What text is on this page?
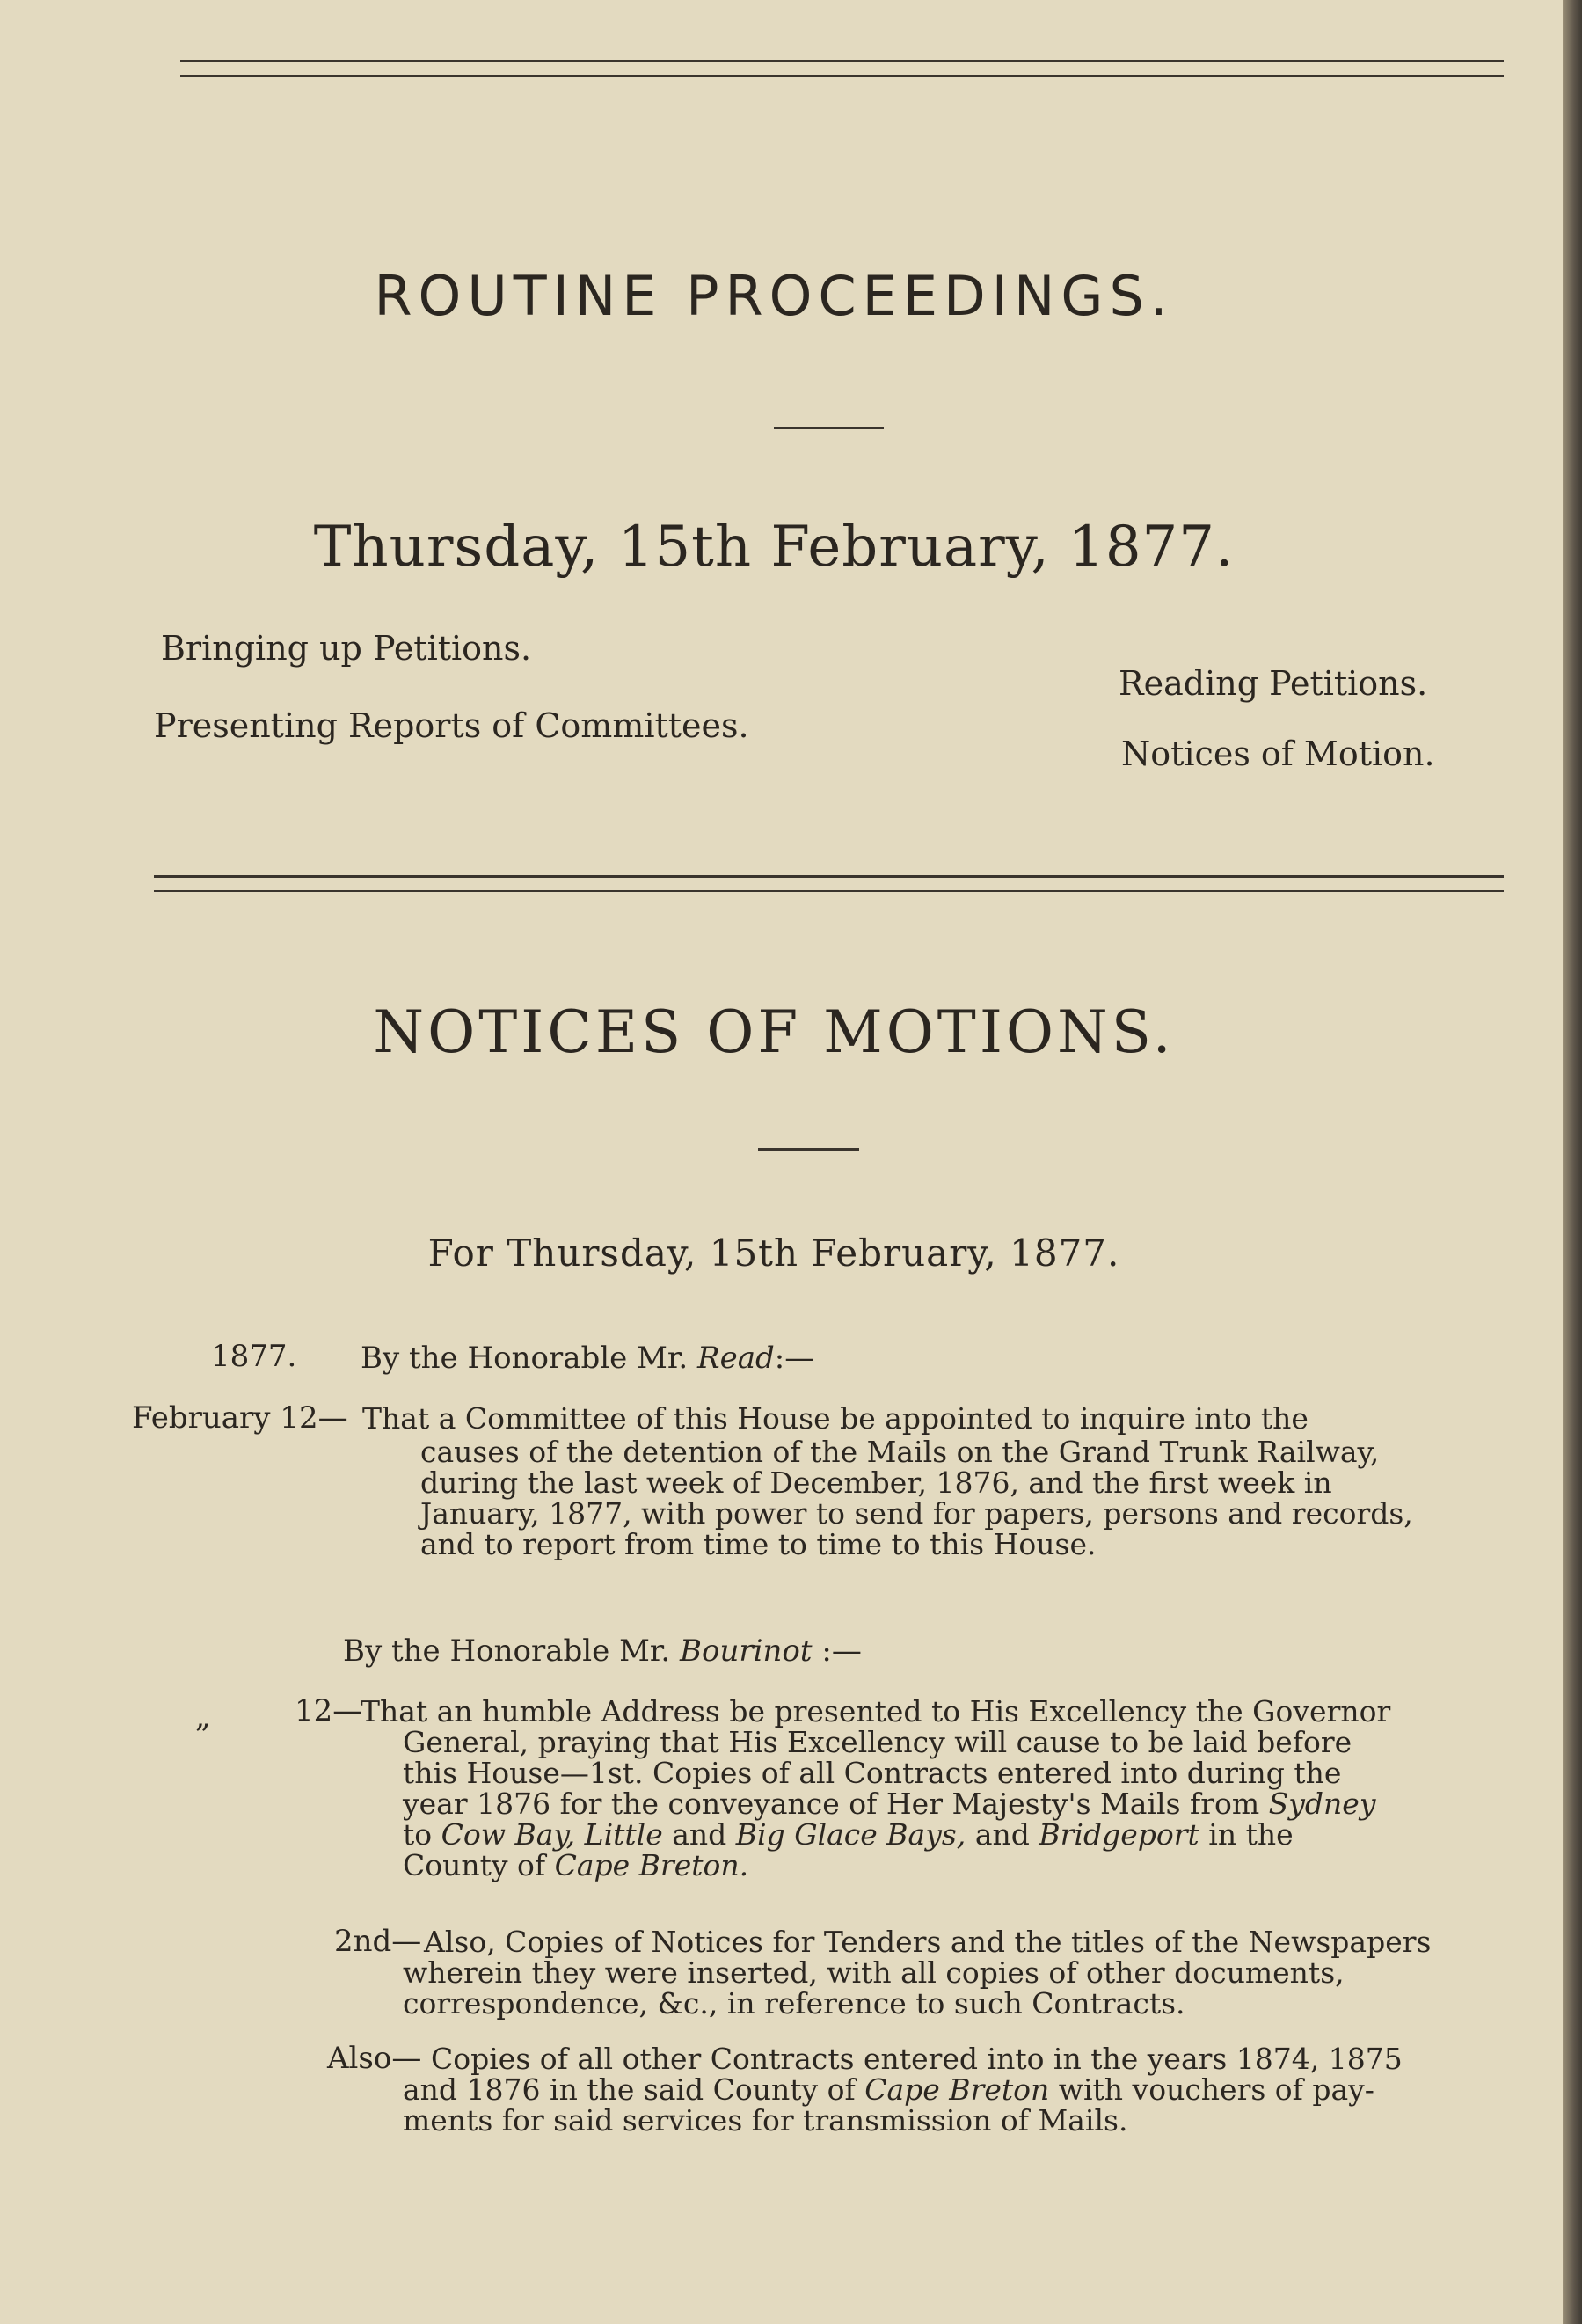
ROUTINE PROCEEDINGS.
Thursday, 15th February, 1877.
Bringing up Petitions.
Presenting Reports of Committees.
Reading Petitions.
Notices of Motion.
NOTICES OF MOTIONS.
For Thursday, 15th February, 1877.
1877. By the Honorable Mr. Read:—
February 12— That a Committee of this House be appointed to inquire into the
causes of the detention of the Mails on the Grand Trunk Railway,
during the last week of December, 1876, and the first week in
January, 1877, with power to send for papers, persons and records,
and to report from time to time to this House.
By the Honorable Mr. Bourinot :—
„	12—
That an humble Address be presented to His Excellency the Governor
General, praying that His Excellency will cause to be laid before
this House—1st. Copies of all Contracts entered into during the
year 1876 for the conveyance of Her Majesty's Mails from Sydney
to Cow Bay, Little and Big Glace Bays, and Bridgeport in the
County of Cape Breton.
2nd— Also, Copies of Notices for Tenders and the titles of the Newspapers
wherein they were inserted, with all copies of other documents,
correspondence, &c., in reference to such Contracts.
Also— Copies of all other Contracts entered into in the years 1874, 1875
and 1876 in the said County of Cape Breton with vouchers of pay-
ments for said services for transmission of Mails.
